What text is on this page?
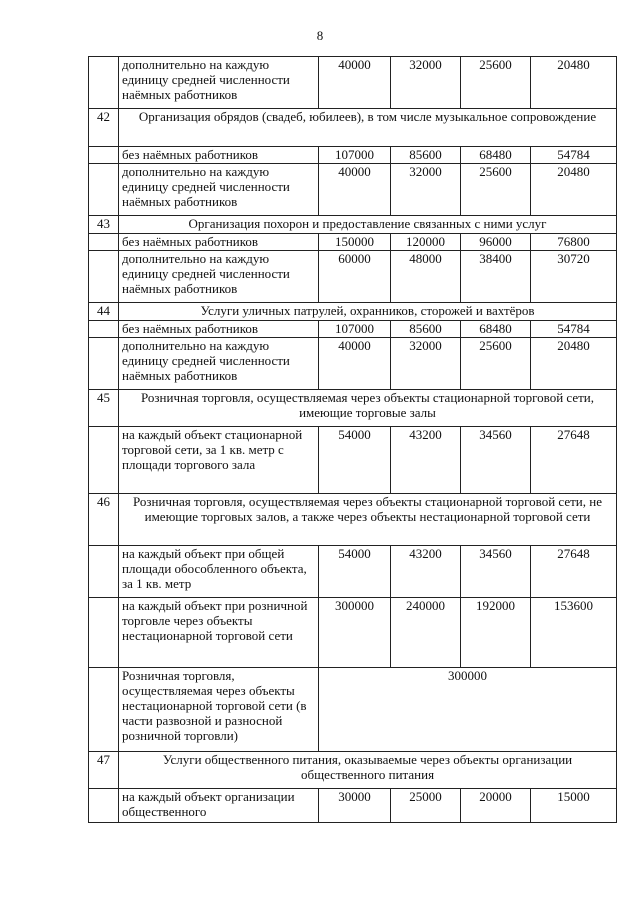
8
	дополнительно на каждую единицу средней численности наёмных работников	40000	32000	25600	20480
42	Организация обрядов (свадеб, юбилеев), в том числе музыкальное сопровождение				
	без наёмных работников	107000	85600	68480	54784
	дополнительно на каждую единицу средней численности наёмных работников	40000	32000	25600	20480
43	Организация похорон и предоставление связанных с ними услуг				
	без наёмных работников	150000	120000	96000	76800
	дополнительно на каждую единицу средней численности наёмных работников	60000	48000	38400	30720
44	Услуги уличных патрулей, охранников, сторожей и вахтёров				
	без наёмных работников	107000	85600	68480	54784
	дополнительно на каждую единицу средней численности наёмных работников	40000	32000	25600	20480
45	Розничная торговля, осуществляемая через объекты стационарной торговой сети, имеющие торговые залы				
	на каждый объект стационарной торговой сети, за 1 кв. метр с площади торгового зала	54000	43200	34560	27648
46	Розничная торговля, осуществляемая через объекты стационарной торговой сети, не имеющие торговых залов, а также через объекты нестационарной торговой сети				
	на каждый объект при общей площади обособленного объекта, за 1 кв. метр	54000	43200	34560	27648
	на каждый объект при розничной торговле через объекты нестационарной торговой сети	300000	240000	192000	153600
	Розничная торговля, осуществляемая через объекты нестационарной торговой сети (в части развозной и разносной розничной торговли)	300000			
47	Услуги общественного питания, оказываемые через объекты организации общественного питания				
	на каждый объект организации общественного	30000	25000	20000	15000
